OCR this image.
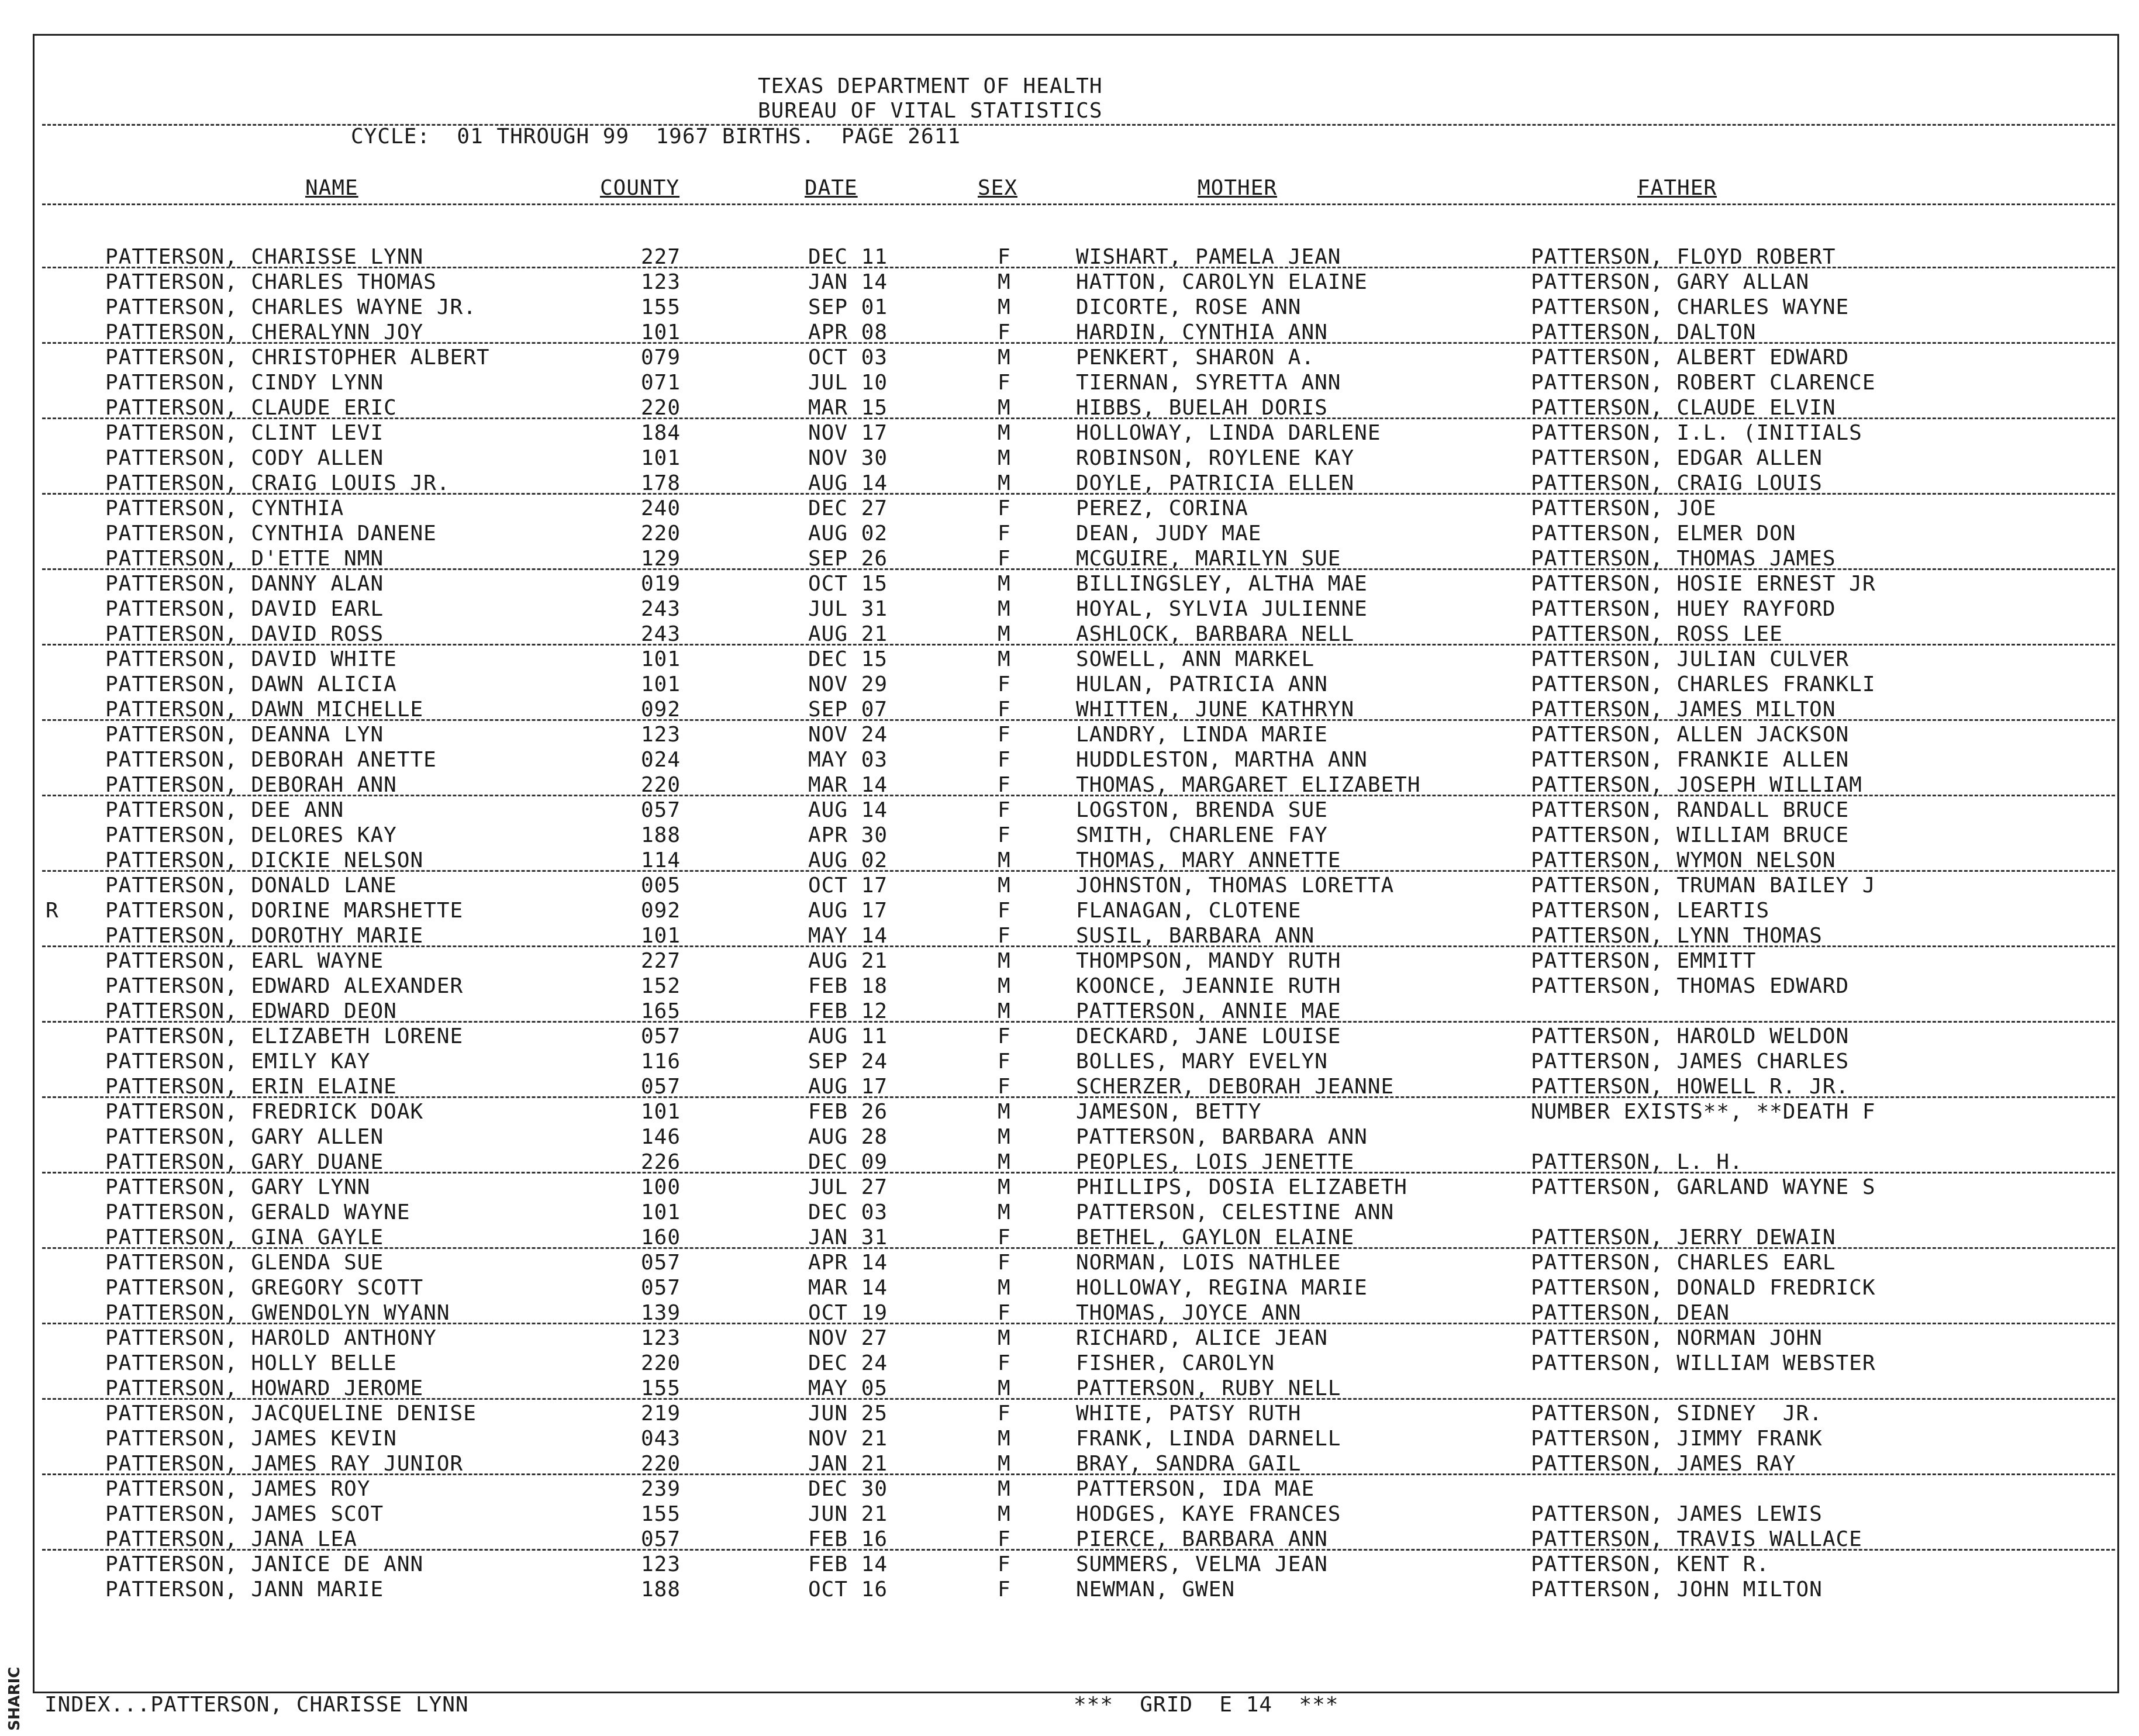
TEXAS DEPARTMENT OF HEALTH
BUREAU OF VITAL STATISTICS
CYCLE:  01 THROUGH 99  1967 BIRTHS.  PAGE 2611
NAME	COUNTY	DATE	SEX	MOTHER	FATHER
PATTERSON, CHARISSE LYNN	227	DEC 11	F	WISHART, PAMELA JEAN	PATTERSON, FLOYD ROBERT
PATTERSON, CHARLES THOMAS	123	JAN 14	M	HATTON, CAROLYN ELAINE	PATTERSON, GARY ALLAN
PATTERSON, CHARLES WAYNE JR.	155	SEP 01	M	DICORTE, ROSE ANN	PATTERSON, CHARLES WAYNE
PATTERSON, CHERALYNN JOY	101	APR 08	F	HARDIN, CYNTHIA ANN	PATTERSON, DALTON
PATTERSON, CHRISTOPHER ALBERT	079	OCT 03	M	PENKERT, SHARON A.	PATTERSON, ALBERT EDWARD
PATTERSON, CINDY LYNN	071	JUL 10	F	TIERNAN, SYRETTA ANN	PATTERSON, ROBERT CLARENCE
PATTERSON, CLAUDE ERIC	220	MAR 15	M	HIBBS, BUELAH DORIS	PATTERSON, CLAUDE ELVIN
PATTERSON, CLINT LEVI	184	NOV 17	M	HOLLOWAY, LINDA DARLENE	PATTERSON, I.L. (INITIALS
PATTERSON, CODY ALLEN	101	NOV 30	M	ROBINSON, ROYLENE KAY	PATTERSON, EDGAR ALLEN
PATTERSON, CRAIG LOUIS JR.	178	AUG 14	M	DOYLE, PATRICIA ELLEN	PATTERSON, CRAIG LOUIS
PATTERSON, CYNTHIA	240	DEC 27	F	PEREZ, CORINA	PATTERSON, JOE
PATTERSON, CYNTHIA DANENE	220	AUG 02	F	DEAN, JUDY MAE	PATTERSON, ELMER DON
PATTERSON, D'ETTE NMN	129	SEP 26	F	MCGUIRE, MARILYN SUE	PATTERSON, THOMAS JAMES
PATTERSON, DANNY ALAN	019	OCT 15	M	BILLINGSLEY, ALTHA MAE	PATTERSON, HOSIE ERNEST JR
PATTERSON, DAVID EARL	243	JUL 31	M	HOYAL, SYLVIA JULIENNE	PATTERSON, HUEY RAYFORD
PATTERSON, DAVID ROSS	243	AUG 21	M	ASHLOCK, BARBARA NELL	PATTERSON, ROSS LEE
PATTERSON, DAVID WHITE	101	DEC 15	M	SOWELL, ANN MARKEL	PATTERSON, JULIAN CULVER
PATTERSON, DAWN ALICIA	101	NOV 29	F	HULAN, PATRICIA ANN	PATTERSON, CHARLES FRANKLI
PATTERSON, DAWN MICHELLE	092	SEP 07	F	WHITTEN, JUNE KATHRYN	PATTERSON, JAMES MILTON
PATTERSON, DEANNA LYN	123	NOV 24	F	LANDRY, LINDA MARIE	PATTERSON, ALLEN JACKSON
PATTERSON, DEBORAH ANETTE	024	MAY 03	F	HUDDLESTON, MARTHA ANN	PATTERSON, FRANKIE ALLEN
PATTERSON, DEBORAH ANN	220	MAR 14	F	THOMAS, MARGARET ELIZABETH	PATTERSON, JOSEPH WILLIAM
PATTERSON, DEE ANN	057	AUG 14	F	LOGSTON, BRENDA SUE	PATTERSON, RANDALL BRUCE
PATTERSON, DELORES KAY	188	APR 30	F	SMITH, CHARLENE FAY	PATTERSON, WILLIAM BRUCE
PATTERSON, DICKIE NELSON	114	AUG 02	M	THOMAS, MARY ANNETTE	PATTERSON, WYMON NELSON
PATTERSON, DONALD LANE	005	OCT 17	M	JOHNSTON, THOMAS LORETTA	PATTERSON, TRUMAN BAILEY J
R PATTERSON, DORINE MARSHETTE	092	AUG 17	F	FLANAGAN, CLOTENE	PATTERSON, LEARTIS
PATTERSON, DOROTHY MARIE	101	MAY 14	F	SUSIL, BARBARA ANN	PATTERSON, LYNN THOMAS
PATTERSON, EARL WAYNE	227	AUG 21	M	THOMPSON, MANDY RUTH	PATTERSON, EMMITT
PATTERSON, EDWARD ALEXANDER	152	FEB 18	M	KOONCE, JEANNIE RUTH	PATTERSON, THOMAS EDWARD
PATTERSON, EDWARD DEON	165	FEB 12	M	PATTERSON, ANNIE MAE
PATTERSON, ELIZABETH LORENE	057	AUG 11	F	DECKARD, JANE LOUISE	PATTERSON, HAROLD WELDON
PATTERSON, EMILY KAY	116	SEP 24	F	BOLLES, MARY EVELYN	PATTERSON, JAMES CHARLES
PATTERSON, ERIN ELAINE	057	AUG 17	F	SCHERZER, DEBORAH JEANNE	PATTERSON, HOWELL R. JR.
PATTERSON, FREDRICK DOAK	101	FEB 26	M	JAMESON, BETTY	NUMBER EXISTS**, **DEATH F
PATTERSON, GARY ALLEN	146	AUG 28	M	PATTERSON, BARBARA ANN
PATTERSON, GARY DUANE	226	DEC 09	M	PEOPLES, LOIS JENETTE	PATTERSON, L. H.
PATTERSON, GARY LYNN	100	JUL 27	M	PHILLIPS, DOSIA ELIZABETH	PATTERSON, GARLAND WAYNE S
PATTERSON, GERALD WAYNE	101	DEC 03	M	PATTERSON, CELESTINE ANN
PATTERSON, GINA GAYLE	160	JAN 31	F	BETHEL, GAYLON ELAINE	PATTERSON, JERRY DEWAIN
PATTERSON, GLENDA SUE	057	APR 14	F	NORMAN, LOIS NATHLEE	PATTERSON, CHARLES EARL
PATTERSON, GREGORY SCOTT	057	MAR 14	M	HOLLOWAY, REGINA MARIE	PATTERSON, DONALD FREDRICK
PATTERSON, GWENDOLYN WYANN	139	OCT 19	F	THOMAS, JOYCE ANN	PATTERSON, DEAN
PATTERSON, HAROLD ANTHONY	123	NOV 27	M	RICHARD, ALICE JEAN	PATTERSON, NORMAN JOHN
PATTERSON, HOLLY BELLE	220	DEC 24	F	FISHER, CAROLYN	PATTERSON, WILLIAM WEBSTER
PATTERSON, HOWARD JEROME	155	MAY 05	M	PATTERSON, RUBY NELL
PATTERSON, JACQUELINE DENISE	219	JUN 25	F	WHITE, PATSY RUTH	PATTERSON, SIDNEY  JR.
PATTERSON, JAMES KEVIN	043	NOV 21	M	FRANK, LINDA DARNELL	PATTERSON, JIMMY FRANK
PATTERSON, JAMES RAY JUNIOR	220	JAN 21	M	BRAY, SANDRA GAIL	PATTERSON, JAMES RAY
PATTERSON, JAMES ROY	239	DEC 30	M	PATTERSON, IDA MAE
PATTERSON, JAMES SCOT	155	JUN 21	M	HODGES, KAYE FRANCES	PATTERSON, JAMES LEWIS
PATTERSON, JANA LEA	057	FEB 16	F	PIERCE, BARBARA ANN	PATTERSON, TRAVIS WALLACE
PATTERSON, JANICE DE ANN	123	FEB 14	F	SUMMERS, VELMA JEAN	PATTERSON, KENT R.
PATTERSON, JANN MARIE	188	OCT 16	F	NEWMAN, GWEN	PATTERSON, JOHN MILTON
INDEX...PATTERSON, CHARISSE LYNN	***  GRID  E 14  ***
SHARIC
